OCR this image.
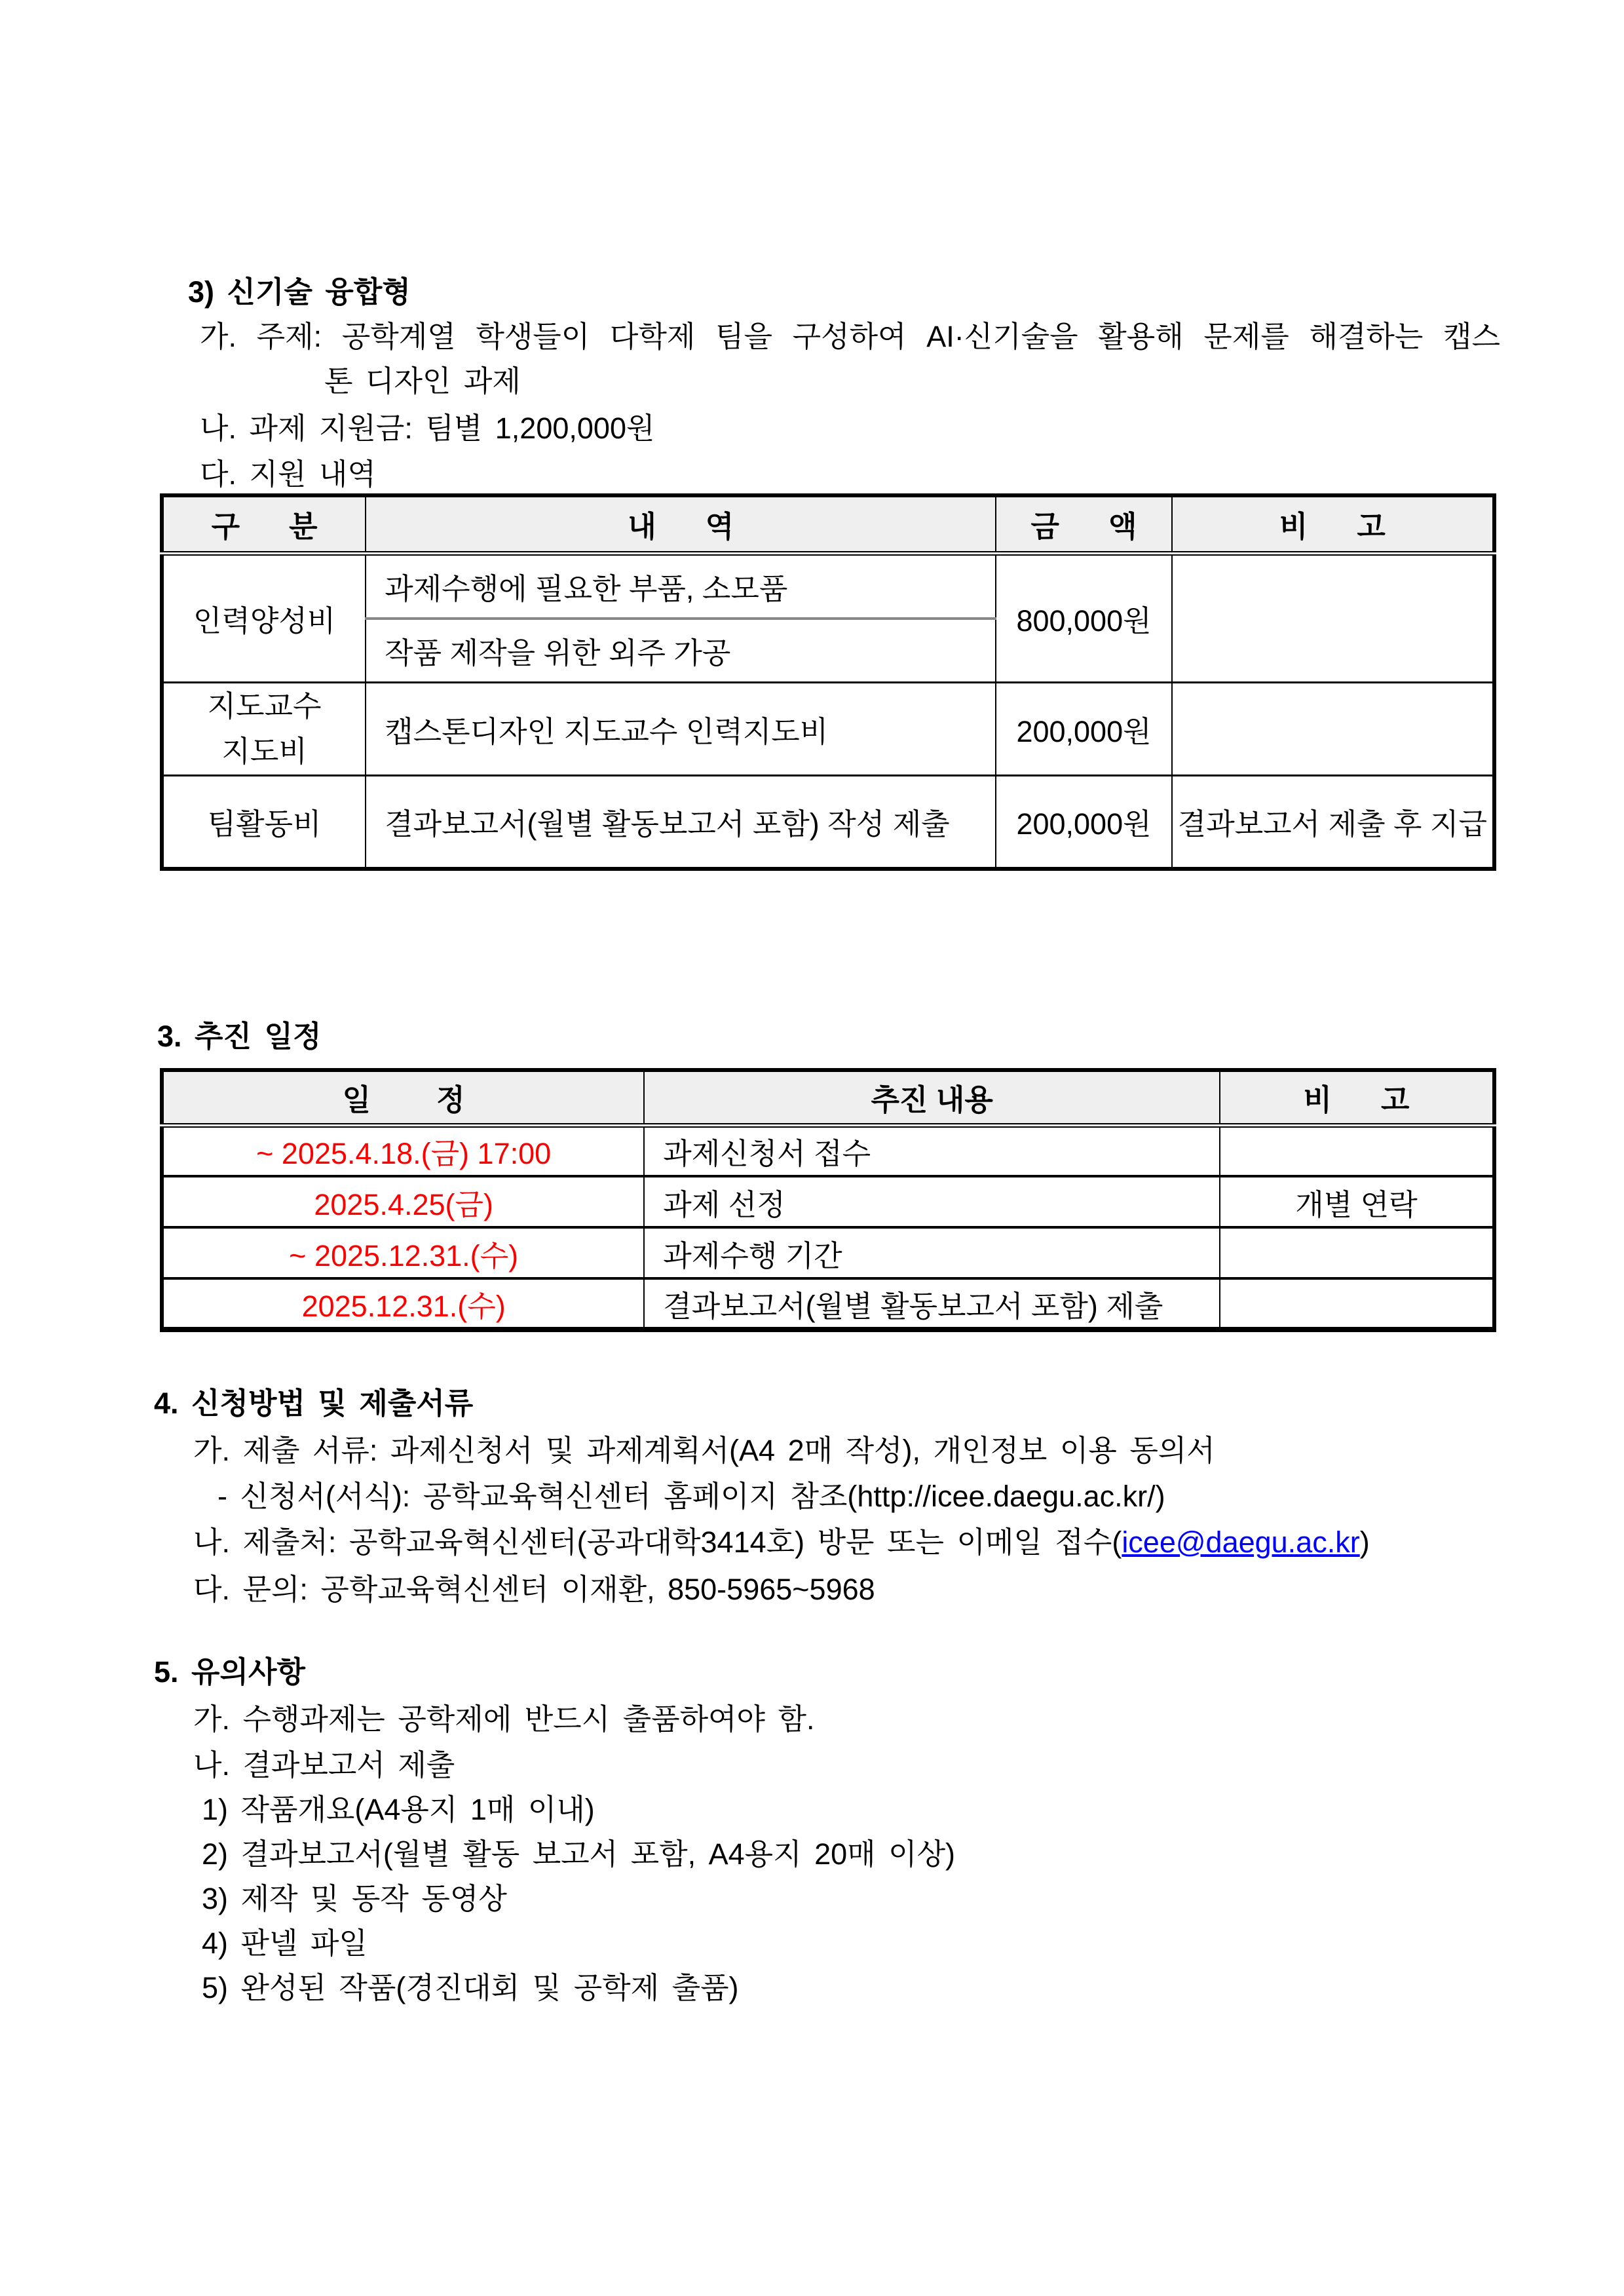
3) 신기술 융합형
가. 주제: 공학계열 학생들이 다학제 팀을 구성하여 AI·신기술을 활용해 문제를 해결하는 캡스
톤 디자인 과제
나. 과제 지원금: 팀별 1,200,000원
다. 지원 내역
구      분	내      역	금      액	비      고
인력양성비	과제수행에 필요한 부품, 소모품	800,000원	
	작품 제작을 위한 외주 가공		

지도교수
지도비	캡스톤디자인 지도교수 인력지도비	200,000원	
팀활동비	결과보고서(월별 활동보고서 포함) 작성 제출	200,000원	결과보고서 제출 후 지급
3. 추진 일정
일        정	추진 내용	비      고
~ 2025.4.18.(금) 17:00	과제신청서 접수	
2025.4.25(금)	과제 선정	개별 연락
~ 2025.12.31.(수)	과제수행 기간	
2025.12.31.(수)	결과보고서(월별 활동보고서 포함) 제출	
4. 신청방법 및 제출서류
가. 제출 서류: 과제신청서 및 과제계획서(A4 2매 작성), 개인정보 이용 동의서
- 신청서(서식): 공학교육혁신센터 홈페이지 참조(http://icee.daegu.ac.kr/)
나. 제출처: 공학교육혁신센터(공과대학3414호) 방문 또는 이메일 접수(icee@daegu.ac.kr)
다. 문의: 공학교육혁신센터 이재환, 850-5965~5968
5. 유의사항
가. 수행과제는 공학제에 반드시 출품하여야 함.
나. 결과보고서 제출
1) 작품개요(A4용지 1매 이내)
2) 결과보고서(월별 활동 보고서 포함, A4용지 20매 이상)
3) 제작 및 동작 동영상
4) 판넬 파일
5) 완성된 작품(경진대회 및 공학제 출품)
